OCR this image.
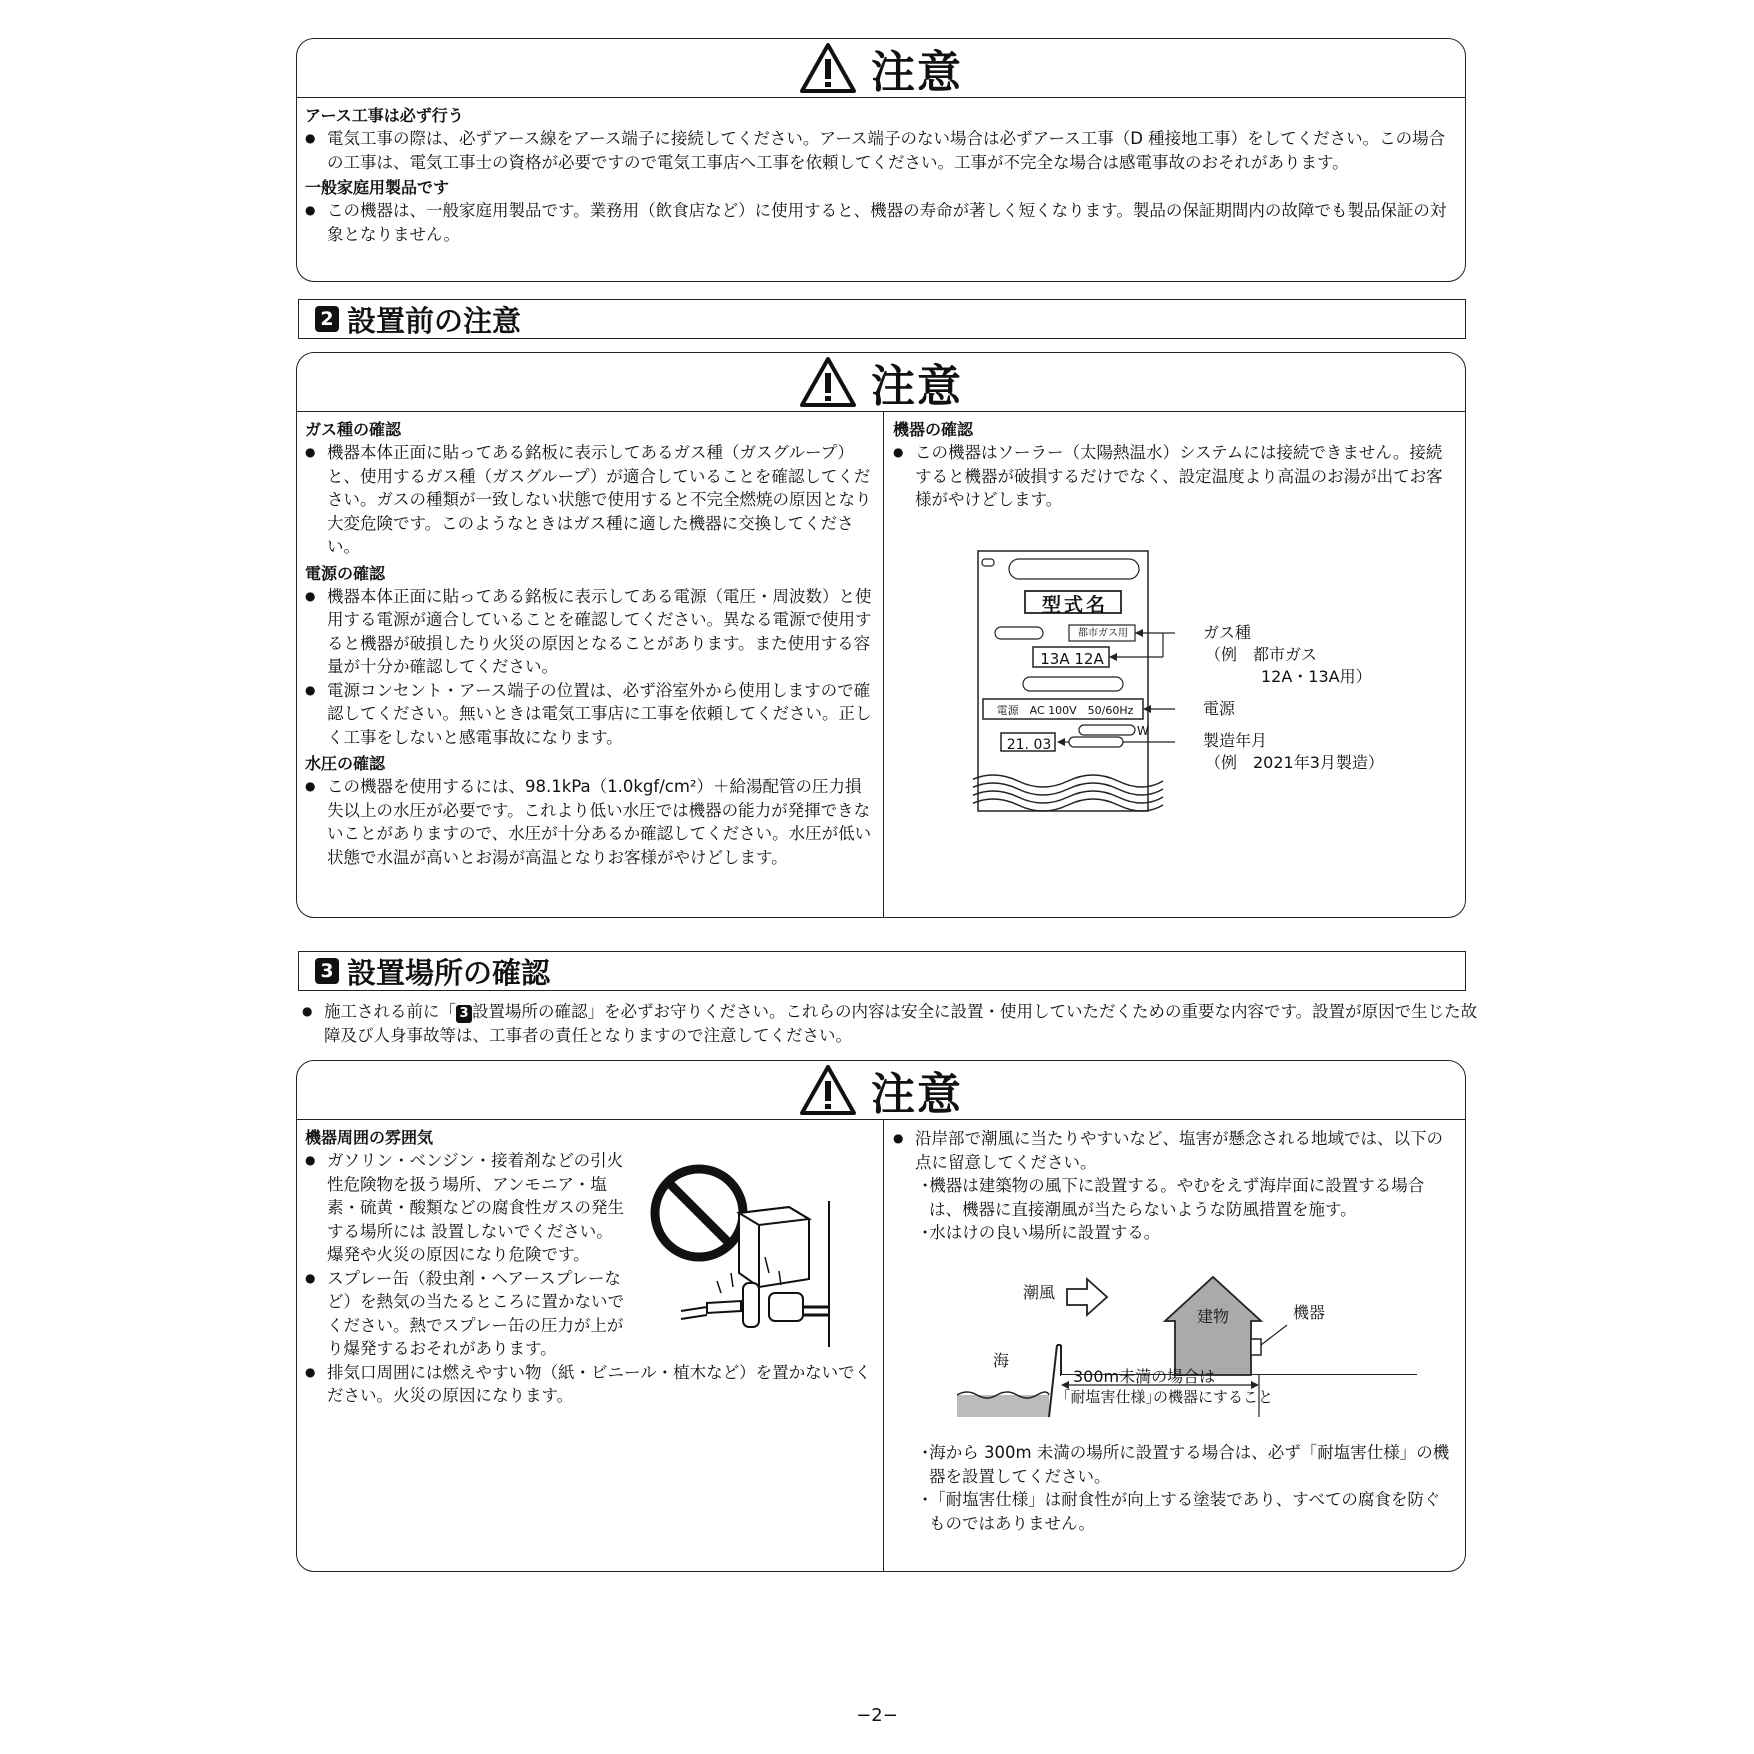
注意

アース工事は必ず行う

● 電気工事の際は、必ずアース線をアース端子に接続してください。アース端子のない場合は必ずアース工事（D 種接地工事）をしてください。この場合の工事は、電気工事士の資格が必要ですので電気工事店へ工事を依頼してください。工事が不完全な場合は感電事故のおそれがあります。

一般家庭用製品です

● この機器は、一般家庭用製品です。業務用（飲食店など）に使用すると、機器の寿命が著しく短くなります。製品の保証期間内の故障でも製品保証の対象となりません。

2 設置前の注意
注意

ガス種の確認

● 機器本体正面に貼ってある銘板に表示してあるガス種（ガスグループ）と、使用するガス種（ガスグループ）が適合していることを確認してください。ガスの種類が一致しない状態で使用すると不完全燃焼の原因となり大変危険です。このようなときはガス種に適した機器に交換してください。

電源の確認

● 機器本体正面に貼ってある銘板に表示してある電源（電圧・周波数）と使用する電源が適合していることを確認してください。異なる電源で使用すると機器が破損したり火災の原因となることがあります。また使用する容量が十分か確認してください。

● 電源コンセント・アース端子の位置は、必ず浴室外から使用しますので確認してください。無いときは電気工事店に工事を依頼してください。正しく工事をしないと感電事故になります。

水圧の確認

● この機器を使用するには、98.1kPa（1.0kgf/cm²）＋給湯配管の圧力損失以上の水圧が必要です。これより低い水圧では機器の能力が発揮できないことがありますので、水圧が十分あるか確認してください。水圧が低い状態で水温が高いとお湯が高温となりお客様がやけどします。

機器の確認

● この機器はソーラー（太陽熱温水）システムには接続できません。接続すると機器が破損するだけでなく、設定温度より高温のお湯が出てお客様がやけどします。

型式名
都市ガス用
13A 12A
電源　AC 100V　50/60Hz
W
21. 03
ガス種
（例　都市ガス
12A・13A用）
電源
製造年月
（例　2021年3月製造）
3 設置場所の確認
● 施工される前に「 3 設置場所の確認」を必ずお守りください。これらの内容は安全に設置・使用していただくための重要な内容です。設置が原因で生じた故障及び人身事故等は、工事者の責任となりますので注意してください。
注意

機器周囲の雰囲気

● ガソリン・ベンジン・接着剤などの引火性危険物を扱う場所、アンモニア・塩素・硫黄・酸類などの腐食性ガスの発生する場所には 設置しないでください。爆発や火災の原因になり危険です。

● スプレー缶（殺虫剤・ヘアースプレーなど）を熱気の当たるところに置かないでください。熱でスプレー缶の圧力が上がり爆発するおそれがあります。

● 排気口周囲には燃えやすい物（紙・ビニール・植木など）を置かないでください。火災の原因になります。

● 沿岸部で潮風に当たりやすいなど、塩害が懸念される地域では、以下の点に留意してください。

･機器は建築物の風下に設置する。やむをえず海岸面に設置する場合は、機器に直接潮風が当たらないような防風措置を施す。

･水はけの良い場所に設置する。

潮風
建物	機器
海
300m未満の場合は
｢耐塩害仕様｣の機器にすること

･海から 300m 未満の場所に設置する場合は、必ず「耐塩害仕様」の機器を設置してください。

･「耐塩害仕様」は耐食性が向上する塗装であり、すべての腐食を防ぐものではありません。

−2−
